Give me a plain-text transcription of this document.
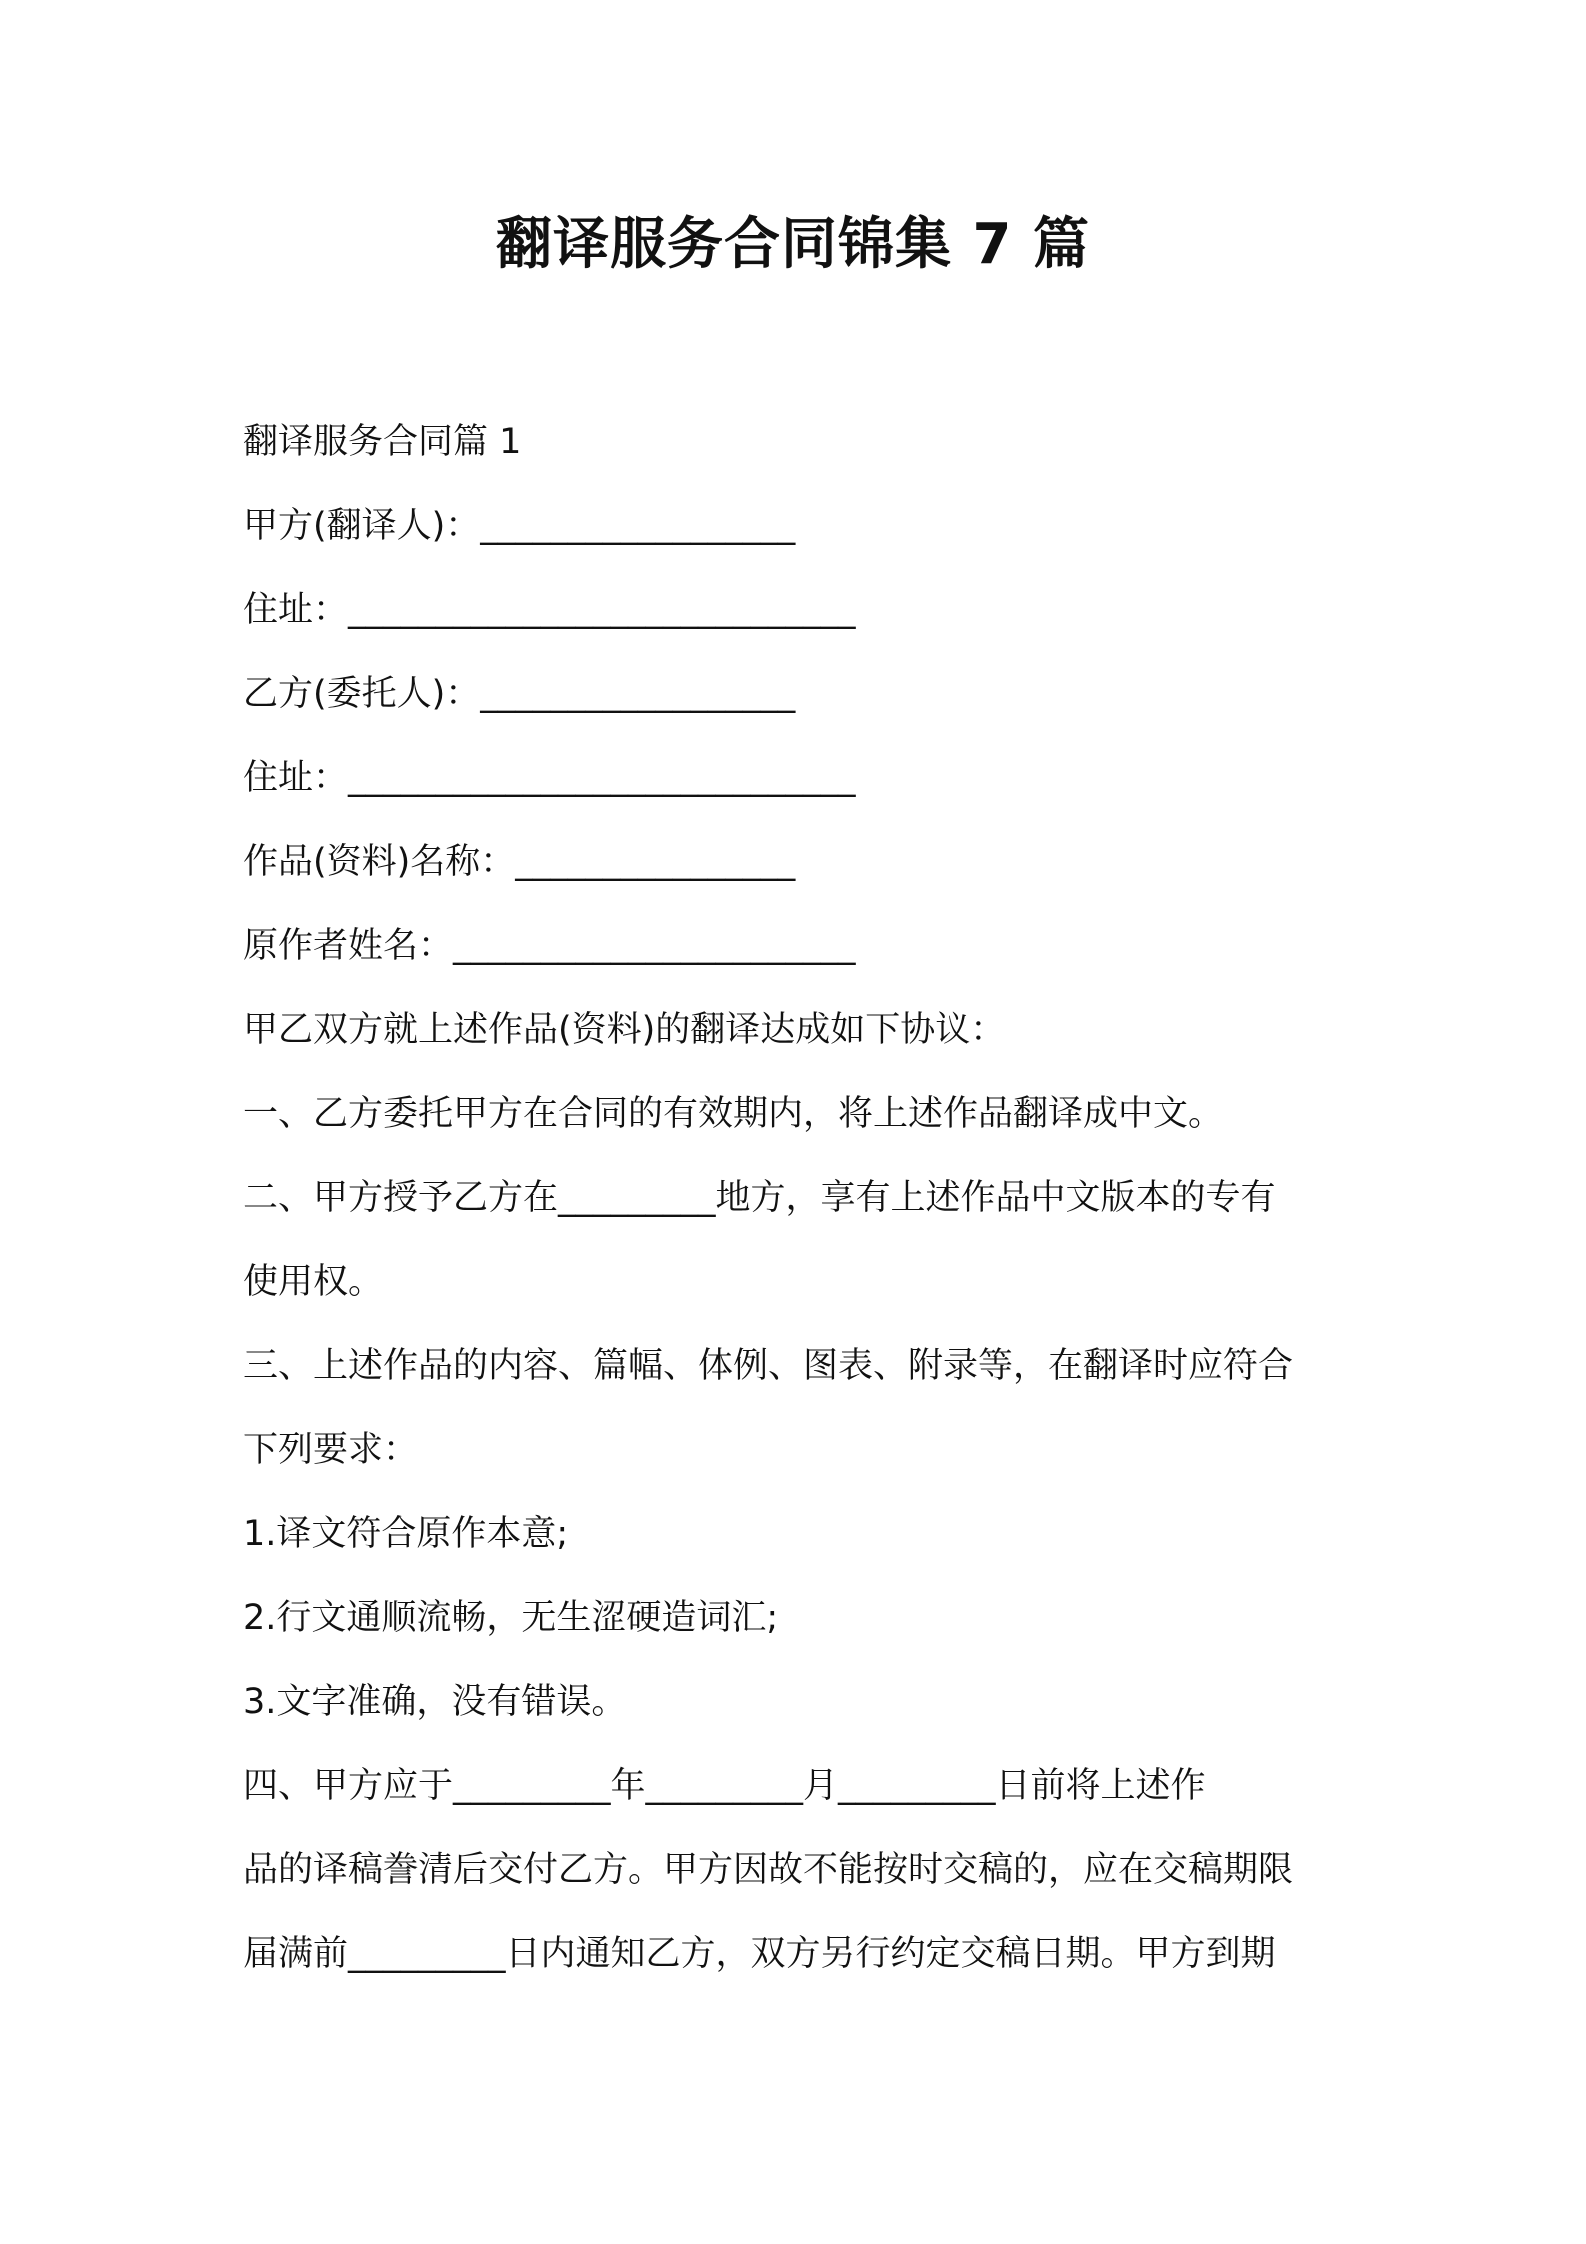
翻译服务合同锦集 7 篇
翻译服务合同篇 1
甲方(翻译人)：__________________
住址：_____________________________
乙方(委托人)：__________________
住址：_____________________________
作品(资料)名称：________________
原作者姓名：_______________________
甲乙双方就上述作品(资料)的翻译达成如下协议：
一、乙方委托甲方在合同的有效期内，将上述作品翻译成中文。
二、甲方授予乙方在_________地方，享有上述作品中文版本的专有
使用权。
三、上述作品的内容、篇幅、体例、图表、附录等，在翻译时应符合
下列要求：
1.译文符合原作本意;
2.行文通顺流畅，无生涩硬造词汇;
3.文字准确，没有错误。
四、甲方应于_________年_________月_________日前将上述作
品的译稿誊清后交付乙方。甲方因故不能按时交稿的，应在交稿期限
届满前_________日内通知乙方，双方另行约定交稿日期。甲方到期
